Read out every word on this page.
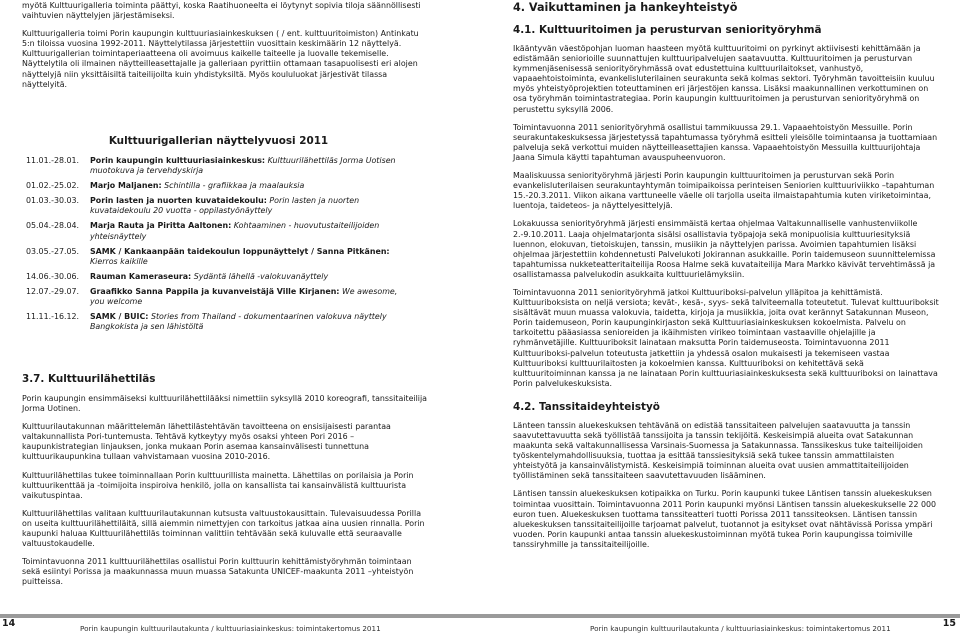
myötä Kulttuurigalleria toiminta päättyi, koska Raatihuoneelta ei löytynyt sopivia tiloja säännöllisesti vaihtuvien näyttelyjen järjestämiseksi.

Kulttuurigalleria toimi Porin kaupungin kulttuuriasiainkeskuksen ( / ent. kulttuuritoimiston) Antinkatu 5:n tiloissa vuosina 1992-2011. Näyttelytilassa järjestettiin vuosittain keskimäärin 12 näyttelyä. Kulttuurigallerian toimintaperiaatteena oli avoimuus kaikelle taiteelle ja luovalle tekemiselle. Näyttelytila oli ilmainen näytteilleasettajalle ja galleriaan pyrittiin ottamaan tasapuolisesti eri alojen näyttelyjä niin yksittäisiltä taiteilijoilta kuin yhdistyksiltä. Myös koululuokat järjestivät tilassa näyttelyitä.

Kulttuurigallerian näyttelyvuosi 2011
11.01.-28.01.	Porin kaupungin kulttuuriasiainkeskus: Kulttuurilähettiläs Jorma Uotisen muotokuva ja tervehdyskirja
01.02.-25.02.	Marjo Maljanen: Schintilla - grafiikkaa ja maalauksia
01.03.-30.03.	Porin lasten ja nuorten kuvataidekoulu: Porin lasten ja nuorten kuvataidekoulu 20 vuotta - oppilastyönäyttely
05.04.-28.04.	Marja Rauta ja Piritta Aaltonen: Kohtaaminen - huovutustaiteilijoiden yhteisnäyttely
03.05.-27.05.	SAMK / Kankaanpään taidekoulun loppunäyttelyt / Sanna Pitkänen: Kierros kaikille
14.06.-30.06.	Rauman Kameraseura: Sydäntä lähellä -valokuvanäyttely
12.07.-29.07.	Graafikko Sanna Pappila ja kuvanveistäjä Ville Kirjanen: We awesome, you welcome
11.11.-16.12.	SAMK / BUIC: Stories from Thailand - dokumentaarinen valokuva näyttely Bangkokista ja sen lähistöltä
3.7. Kulttuurilähettiläs

Porin kaupungin ensimmäiseksi kulttuurilähettilääksi nimettiin syksyllä 2010 koreografi, tanssitaiteilija Jorma Uotinen.

Kulttuurilautakunnan määrittelemän lähettilästehtävän tavoitteena on ensisijaisesti parantaa valtakunnallista Pori-tuntemusta. Tehtävä kytkeytyy myös osaksi yhteen Pori 2016 –kaupunkistrategian linjauksen, jonka mukaan Porin asemaa kansainvälisesti tunnettuna kulttuurikaupunkina tullaan vahvistamaan vuosina 2010-2016.

Kulttuurilähettilas tukee toiminnallaan Porin kulttuurillista mainetta. Lähettilas on porilaisia ja Porin kulttuurikenttää ja -toimijoita inspiroiva henkilö, jolla on kansallista tai kansainvälistä kulttuurista vaikutuspintaa.

Kulttuurilähettilas valitaan kulttuurilautakunnan kutsusta valtuustokausittain. Tulevaisuudessa Porilla on useita kulttuurilähettiläitä, sillä aiemmin nimettyjen con tarkoitus jatkaa aina uusien rinnalla. Porin kaupunki haluaa Kulttuurilähettiläs toiminnan valittiin tehtävään sekä kuluvalle että seuraavalle valtuustokaudelle.

Toimintavuonna 2011 kulttuurilähettilas osallistui Porin kulttuurin kehittämistyöryhmän toimintaan sekä esiintyi Porissa ja maakunnassa muun muassa Satakunta UNICEF-maakunta 2011 –yhteistyön puitteissa.

4. Vaikuttaminen ja hankeyhteistyö
4.1. Kulttuuritoimen ja perusturvan seniorityöryhmä

Ikääntyvän väestöpohjan luoman haasteen myötä kulttuuritoimi on pyrkinyt aktiivisesti kehittämään ja edistämään seniorioille suunnattujen kulttuuripalvelujen saatavuutta. Kulttuuritoimen ja perusturvan kymmenjäsenisessä seniorityöryhmässä ovat edustettuina kulttuurilaitokset, vanhustyö, vapaaehtoistoiminta, evankelisluterilainen seurakunta sekä kolmas sektori. Työryhmän tavoitteisiin kuuluu myös yhteistyöprojektien toteuttaminen eri järjestöjen kanssa. Lisäksi maakunnallinen verkottuminen on osa työryhmän toimintastrategiaa. Porin kaupungin kulttuuritoimen ja perusturvan seniorityöryhmä on perustettu syksyllä 2006.

Toimintavuonna 2011 seniorityöryhmä osallistui tammikuussa 29.1. Vapaaehtoistyön Messuille. Porin seurakuntakeskuksessa järjestetyssä tapahtumassa työryhmä esitteli yleisölle toimintaansa ja tuottamiaan palveluja sekä verkottui muiden näytteilleasettajien kanssa. Vapaaehtoistyön Messuilla kulttuurijohtaja Jaana Simula käytti tapahtuman avauspuheenvuoron.

Maaliskuussa seniorityöryhmä järjesti Porin kaupungin kulttuuritoimen ja perusturvan sekä Porin evankelisluterilaisen seurakuntayhtymän toimipaikoissa perinteisen Seniorien kulttuuriviikko –tapahtuman 15.-20.3.2011. Viikon aikana varttuneelle väelle oli tarjolla useita ilmaistapahtumia kuten viriketoimintaa, luentoja, taideteos- ja näyttelyesittelyjä.

Lokakuussa seniorityöryhmä järjesti ensimmäistä kertaa ohjelmaa Valtakunnalliselle vanhustenviikolle 2.-9.10.2011. Laaja ohjelmatarjonta sisälsi osallistavia työpajoja sekä monipuolisia kulttuuriesityksiä luennon, elokuvan, tietoiskujen, tanssin, musiikin ja näyttelyjen parissa. Avoimien tapahtumien lisäksi ohjelmaa järjestettiin kohdennetusti Palvelukoti Jokirannan asukkaille. Porin taidemuseon suunnittelemissa tapahtumissa nukketeatteritaiteilija Roosa Halme sekä kuvataiteilija Mara Markko kävivät tervehtimässä ja osallistamassa palvelukodin asukkaita kulttuurielämyksiin.

Toimintavuonna 2011 seniorityöryhmä jatkoi Kulttuuriboksi-palvelun ylläpitoa ja kehittämistä. Kulttuuriboksista on neljä versiota; kevät-, kesä-, syys- sekä talviteemalla toteutetut. Tulevat kulttuuriboksit sisältävät muun muassa valokuvia, taidetta, kirjoja ja musiikkia, joita ovat kerännyt Satakunnan Museon, Porin taidemuseon, Porin kaupunginkirjaston sekä Kulttuuriasiainkeskuksen kokoelmista. Palvelu on tarkoitettu pääasiassa senioreiden ja ikäihmisten virikeo toimintaan vastaaville ohjelajille ja ryhmänvetäjille. Kulttuuriboksit lainataan maksutta Porin taidemuseosta. Toimintavuonna 2011 Kulttuuriboksi-palvelun toteutusta jatkettiin ja yhdessä osalon mukaisesti ja tekemiseen vastaa Kulttuuriboksi kulttuurilaitosten ja kokoelmien kanssa. Kulttuuriboksi on kehitettävä sekä kulttuuritoiminnan kanssa ja ne lainataan Porin kulttuuriasiainkeskuksesta sekä kulttuuriboksi on lainattava Porin palvelukeskuksista.

4.2. Tanssitaideyhteistyö

Länteen tanssin aluekeskuksen tehtävänä on edistää tanssitaiteen palvelujen saatavuutta ja tanssin saavutettavuutta sekä työllistää tanssijoita ja tanssin tekijöitä. Keskeisimpiä alueita ovat Satakunnan maakunta sekä valtakunnallisessa Varsinais-Suomessa ja Satakunnassa. Tanssikeskus tuke taiteilijoiden työskentelymahdollisuuksia, tuottaa ja esittää tanssiesityksiä sekä tukee tanssin ammattilaisten yhteistyötä ja kansainvälistymistä. Keskeisimpiä toiminnan alueita ovat uusien ammattitaiteilijoiden työllistäminen sekä tanssitaiteen saavutettavuuden lisääminen.

Läntisen tanssin aluekeskuksen kotipaikka on Turku. Porin kaupunki tukee Läntisen tanssin aluekeskuksen toimintaa vuosittain. Toimintavuonna 2011 Porin kaupunki myönsi Läntisen tanssin aluekeskukselle 22 000 euron tuen. Aluekeskuksen tuottama tanssiteatteri tuotti Porissa 2011 tanssiteoksen. Läntisen tanssin aluekeskuksen tanssitaiteilijoille tarjoamat palvelut, tuotannot ja esitykset ovat nähtävissä Porissa ympäri vuoden. Porin kaupunki antaa tanssin aluekeskustoiminnan myötä tukea Porin kaupungissa toimiville tanssiryhmille ja tanssitaiteilijoille.

14	Porin kaupungin kulttuurilautakunta / kulttuuriasiainkeskus: toimintakertomus 2011	Porin kaupungin kulttuurilautakunta / kulttuuriasiainkeskus: toimintakertomus 2011	15
